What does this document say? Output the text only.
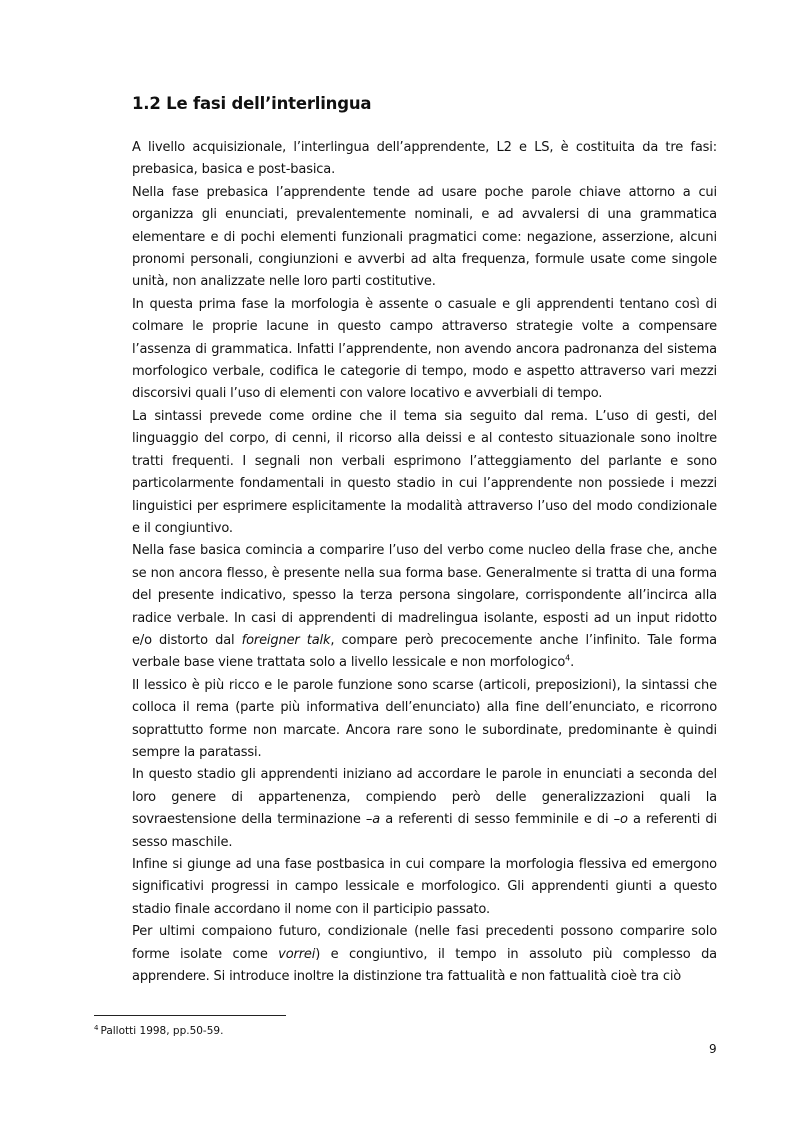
1.2 Le fasi dell’interlingua

A livello acquisizionale, l’interlingua dell’apprendente, L2 e LS, è costituita da tre fasi: prebasica, basica e post-basica.

Nella fase prebasica l’apprendente tende ad usare poche parole chiave attorno a cui organizza gli enunciati, prevalentemente nominali, e ad avvalersi di una grammatica elementare e di pochi elementi funzionali pragmatici come: negazione, asserzione, alcuni pronomi personali, congiunzioni e avverbi ad alta frequenza, formule usate come singole unità, non analizzate nelle loro parti costitutive.

In questa prima fase la morfologia è assente o casuale e gli apprendenti tentano così di colmare le proprie lacune in questo campo attraverso strategie volte a compensare l’assenza di grammatica. Infatti l’apprendente, non avendo ancora padronanza del sistema morfologico verbale, codifica le categorie di tempo, modo e aspetto attraverso vari mezzi discorsivi quali l’uso di elementi con valore locativo e avverbiali di tempo.

La sintassi prevede come ordine che il tema sia seguito dal rema. L’uso di gesti, del linguaggio del corpo, di cenni, il ricorso alla deissi e al contesto situazionale sono inoltre tratti frequenti. I segnali non verbali esprimono l’atteggiamento del parlante e sono particolarmente fondamentali in questo stadio in cui l’apprendente non possiede i mezzi linguistici per esprimere esplicitamente la modalità attraverso l’uso del modo condizionale e il congiuntivo.

Nella fase basica comincia a comparire l’uso del verbo come nucleo della frase che, anche se non ancora flesso, è presente nella sua forma base. Generalmente si tratta di una forma del presente indicativo, spesso la terza persona singolare, corrispondente all’incirca alla radice verbale. In casi di apprendenti di madrelingua isolante, esposti ad un input ridotto e/o distorto dal foreigner talk, compare però precocemente anche l’infinito. Tale forma verbale base viene trattata solo a livello lessicale e non morfologico$^4$.

Il lessico è più ricco e le parole funzione sono scarse (articoli, preposizioni), la sintassi che colloca il rema (parte più informativa dell’enunciato) alla fine dell’enunciato, e ricorrono soprattutto forme non marcate. Ancora rare sono le subordinate, predominante è quindi sempre la paratassi.

In questo stadio gli apprendenti iniziano ad accordare le parole in enunciati a seconda del loro genere di appartenenza, compiendo però delle generalizzazioni quali la sovraestensione della terminazione –a a referenti di sesso femminile e di –o a referenti di sesso maschile.

Infine si giunge ad una fase postbasica in cui compare la morfologia flessiva ed emergono significativi progressi in campo lessicale e morfologico. Gli apprendenti giunti a questo stadio finale accordano il nome con il participio passato.

Per ultimi compaiono futuro, condizionale (nelle fasi precedenti possono comparire solo forme isolate come vorrei) e congiuntivo, il tempo in assoluto più complesso da apprendere. Si introduce inoltre la distinzione tra fattualità e non fattualità cioè tra ciò

$^4$ Pallotti 1998, pp.50-59.
9
